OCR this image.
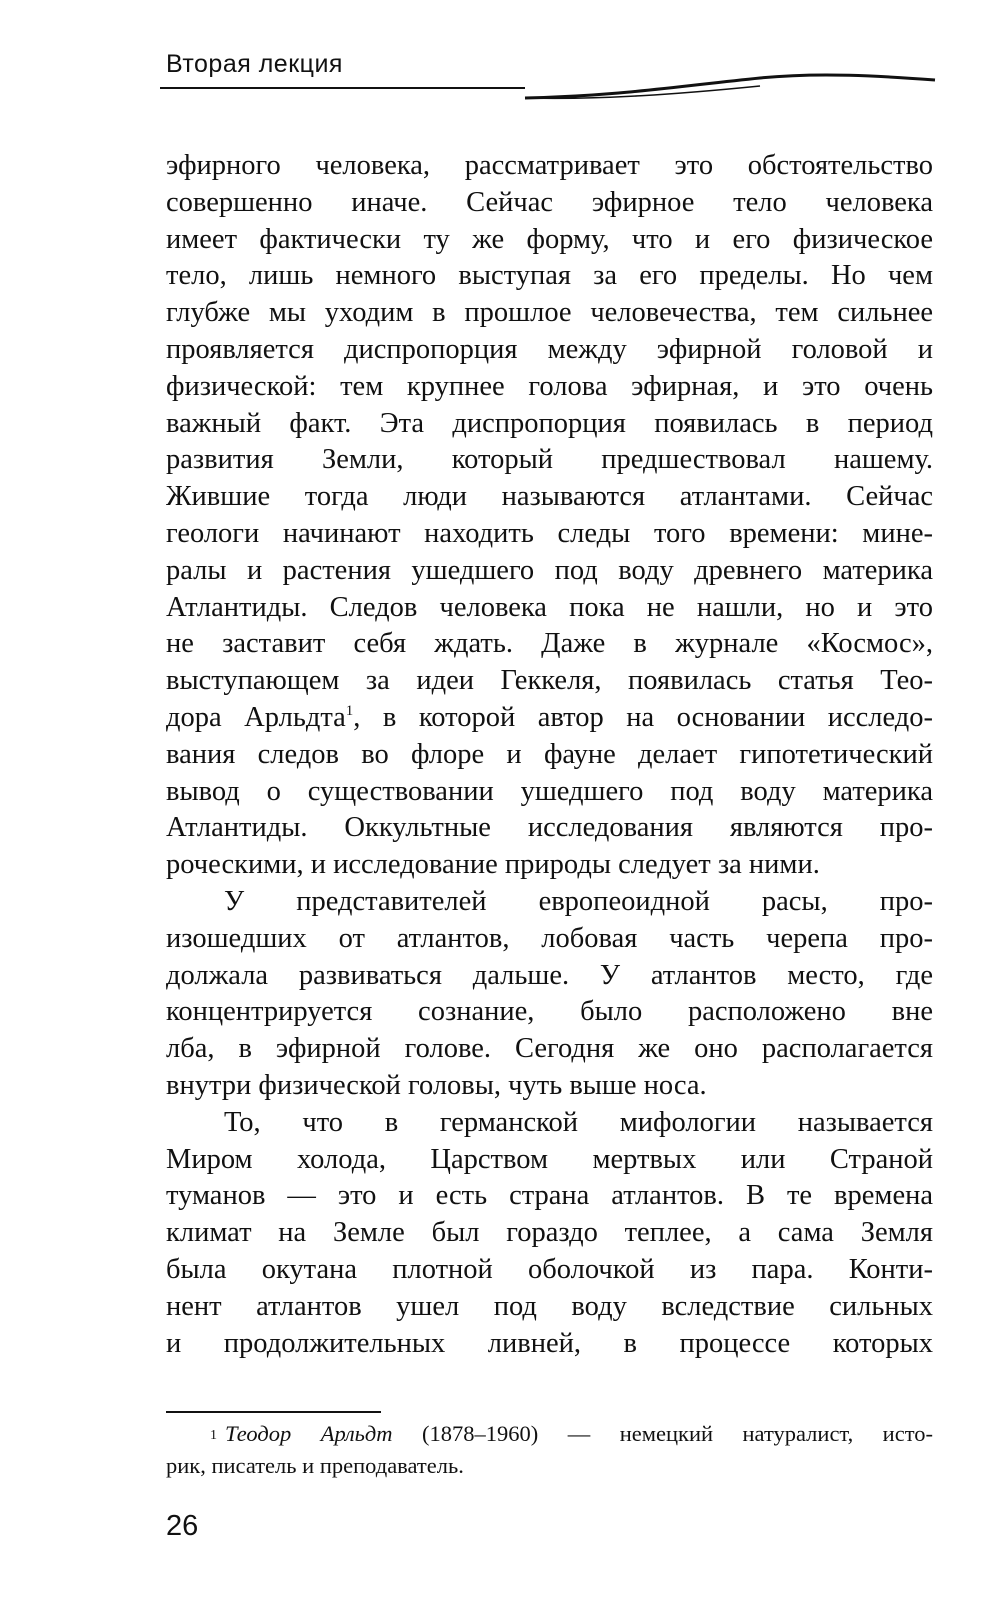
Вторая лекция
эфирного человека, рассматривает это обстоятельство
совершенно иначе. Сейчас эфирное тело человека
имеет фактически ту же форму, что и его физическое
тело, лишь немного выступая за его пределы. Но чем
глубже мы уходим в прошлое человечества, тем сильнее
проявляется диспропорция между эфирной головой и
физической: тем крупнее голова эфирная, и это очень
важный факт. Эта диспропорция появилась в период
развития Земли, который предшествовал нашему.
Жившие тогда люди называются атлантами. Сейчас
геологи начинают находить следы того времени: мине-
ралы и растения ушедшего под воду древнего материка
Атлантиды. Следов человека пока не нашли, но и это
не заставит себя ждать. Даже в журнале «Космос»,
выступающем за идеи Геккеля, появилась статья Тео-
дора Арльдта$^1$, в которой автор на основании исследо-
вания следов во флоре и фауне делает гипотетический
вывод о существовании ушедшего под воду материка
Атлантиды. Оккультные исследования являются про-
роческими, и исследование природы следует за ними.
У представителей европеоидной расы, про-
изошедших от атлантов, лобовая часть черепа про-
должала развиваться дальше. У атлантов место, где
концентрируется сознание, было расположено вне
лба, в эфирной голове. Сегодня же оно располагается
внутри физической головы, чуть выше носа.
То, что в германской мифологии называется
Миром холода, Царством мертвых или Страной
туманов — это и есть страна атлантов. В те времена
климат на Земле был гораздо теплее, а сама Земля
была окутана плотной оболочкой из пара. Конти-
нент атлантов ушел под воду вследствие сильных
и продолжительных ливней, в процессе которых
$^1$ Теодор Арльдт (1878–1960) — немецкий натуралист, исто-
рик, писатель и преподаватель.
26
